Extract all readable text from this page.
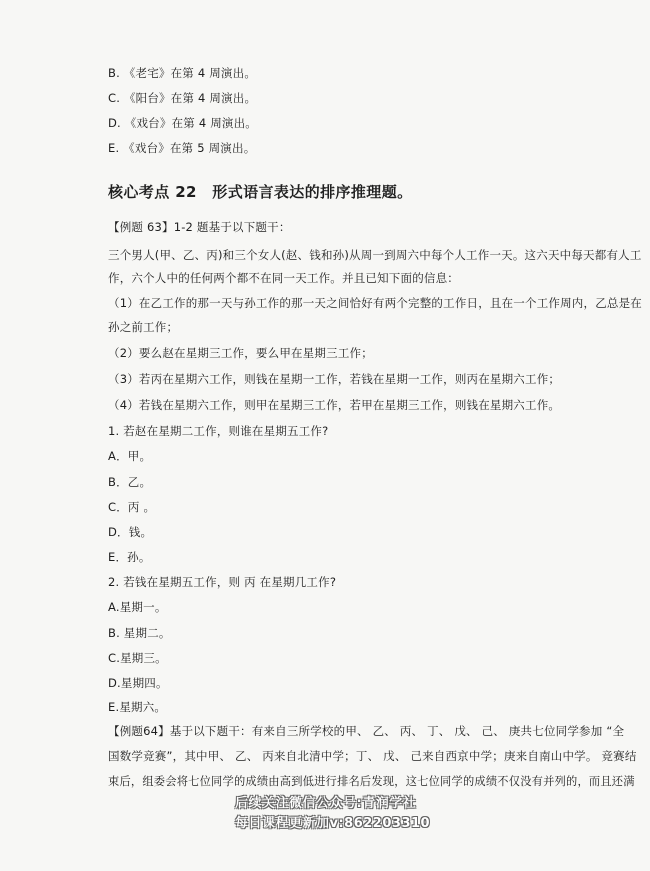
B. 《老宅》在第 4 周演出。
C. 《阳台》在第 4 周演出。
D. 《戏台》在第 4 周演出。
E. 《戏台》在第 5 周演出。
核心考点 22　形式语言表达的排序推理题。
【例题 63】1-2 题基于以下题干：
三个男人(甲、乙、丙)和三个女人(赵、钱和孙)从周一到周六中每个人工作一天。这六天中每天都有人工
作，六个人中的任何两个都不在同一天工作。并且已知下面的信息：
（1）在乙工作的那一天与孙工作的那一天之间恰好有两个完整的工作日，且在一个工作周内，乙总是在
孙之前工作；
（2）要么赵在星期三工作，要么甲在星期三工作；
（3）若丙在星期六工作，则钱在星期一工作，若钱在星期一工作，则丙在星期六工作；
（4）若钱在星期六工作，则甲在星期三工作，若甲在星期三工作，则钱在星期六工作。
1. 若赵在星期二工作，则谁在星期五工作?
A．甲。
B．乙。
C．丙 。
D．钱。
E．孙。
2. 若钱在星期五工作，则 丙 在星期几工作?
A.星期一。
B. 星期二。
C.星期三。
D.星期四。
E.星期六。
【例题64】基于以下题干：有来自三所学校的甲、 乙、 丙、 丁、 戊、 己、 庚共七位同学参加 “全
国数学竞赛”，其中甲、 乙、 丙来自北清中学；丁、 戊、 己来自西京中学；庚来自南山中学。 竞赛结
束后，组委会将七位同学的成绩由高到低进行排名后发现，这七位同学的成绩不仅没有并列的，而且还满
后续关注微信公众号:青润学社
每日课程更新加v:862203310
